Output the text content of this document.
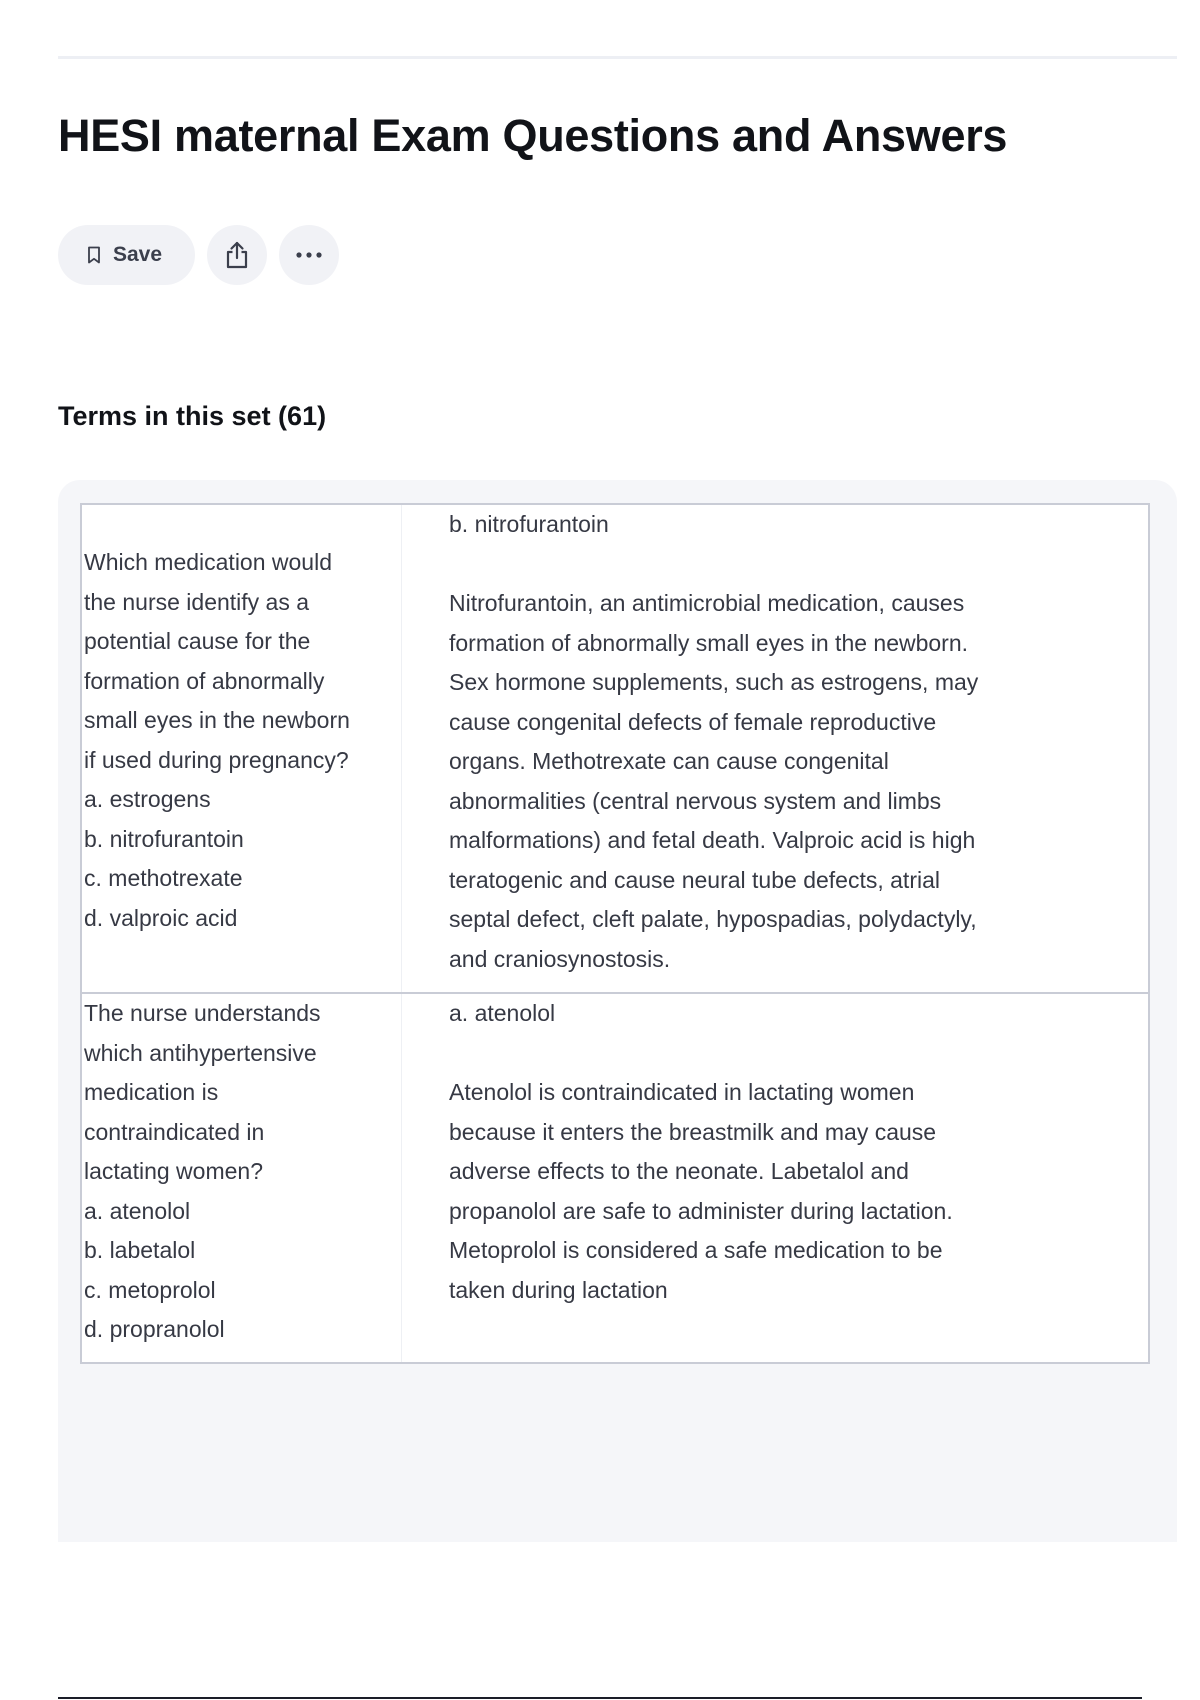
HESI maternal Exam Questions and Answers
Save
Terms in this set (61)
Which medication would
the nurse identify as a
potential cause for the
formation of abnormally
small eyes in the newborn
if used during pregnancy?
a. estrogens
b. nitrofurantoin
c. methotrexate
d. valproic acid
b. nitrofurantoin
Nitrofurantoin, an antimicrobial medication, causes
formation of abnormally small eyes in the newborn.
Sex hormone supplements, such as estrogens, may
cause congenital defects of female reproductive
organs. Methotrexate can cause congenital
abnormalities (central nervous system and limbs
malformations) and fetal death. Valproic acid is high
teratogenic and cause neural tube defects, atrial
septal defect, cleft palate, hypospadias, polydactyly,
and craniosynostosis.
The nurse understands
which antihypertensive
medication is
contraindicated in
lactating women?
a. atenolol
b. labetalol
c. metoprolol
d. propranolol
a. atenolol
Atenolol is contraindicated in lactating women
because it enters the breastmilk and may cause
adverse effects to the neonate. Labetalol and
propanolol are safe to administer during lactation.
Metoprolol is considered a safe medication to be
taken during lactation
